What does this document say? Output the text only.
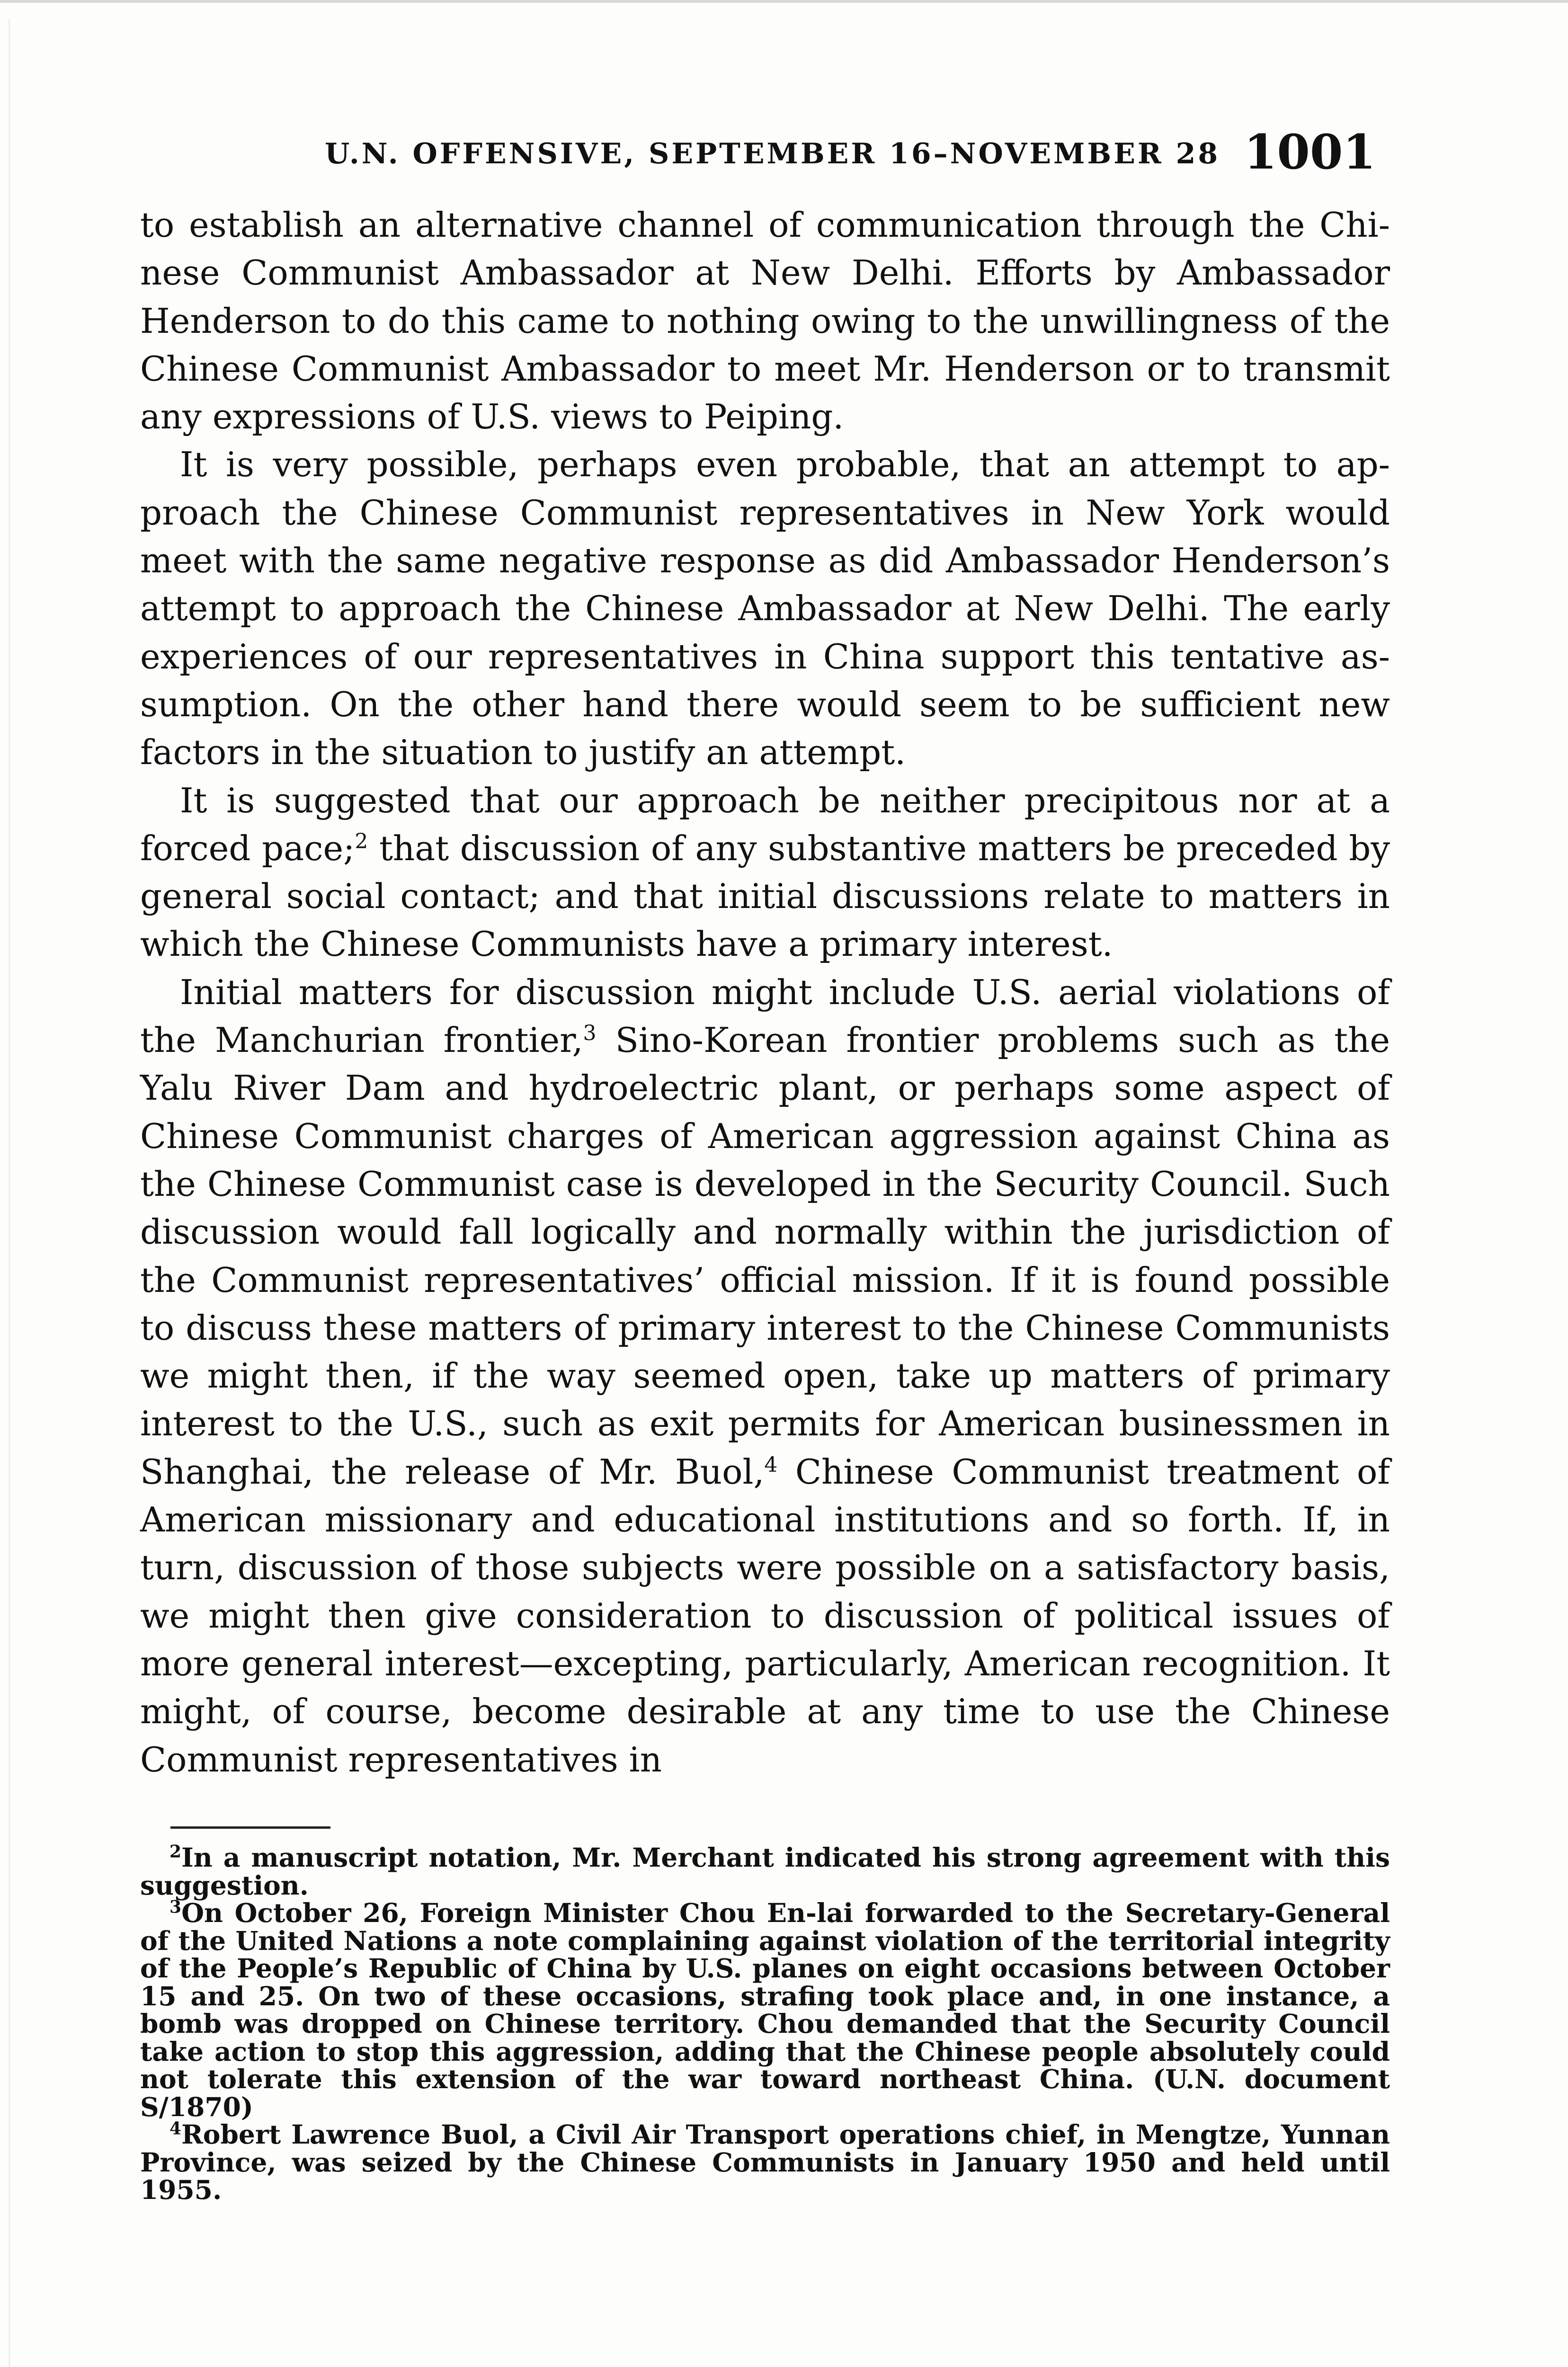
U.N. OFFENSIVE, SEPTEMBER 16–NOVEMBER 28 1001

to establish an alternative channel of communication through the Chinese Communist Ambassador at New Delhi. Efforts by Ambassador Henderson to do this came to nothing owing to the unwillingness of the Chinese Communist Ambassador to meet Mr. Henderson or to transmit any expressions of U.S. views to Peiping.

It is very possible, perhaps even probable, that an attempt to approach the Chinese Communist representatives in New York would meet with the same negative response as did Ambassador Henderson’s attempt to approach the Chinese Ambassador at New Delhi. The early experiences of our representatives in China support this tentative assumption. On the other hand there would seem to be sufficient new factors in the situation to justify an attempt.

It is suggested that our approach be neither precipitous nor at a forced pace;$^2$ that discussion of any substantive matters be preceded by general social contact; and that initial discussions relate to matters in which the Chinese Communists have a primary interest.

Initial matters for discussion might include U.S. aerial violations of the Manchurian frontier,$^3$ Sino-Korean frontier problems such as the Yalu River Dam and hydroelectric plant, or perhaps some aspect of Chinese Communist charges of American aggression against China as the Chinese Communist case is developed in the Security Council. Such discussion would fall logically and normally within the jurisdiction of the Communist representatives’ official mission. If it is found possible to discuss these matters of primary interest to the Chinese Communists we might then, if the way seemed open, take up matters of primary interest to the U.S., such as exit permits for American businessmen in Shanghai, the release of Mr. Buol,$^4$ Chinese Communist treatment of American missionary and educational institutions and so forth. If, in turn, discussion of those subjects were possible on a satisfactory basis, we might then give consideration to discussion of political issues of more general interest—excepting, particularly, American recognition. It might, of course, become desirable at any time to use the Chinese Communist representatives in

$^2$In a manuscript notation, Mr. Merchant indicated his strong agreement with this suggestion.

$^3$On October 26, Foreign Minister Chou En-lai forwarded to the Secretary-General of the United Nations a note complaining against violation of the territorial integrity of the People’s Republic of China by U.S. planes on eight occasions between October 15 and 25. On two of these occasions, strafing took place and, in one instance, a bomb was dropped on Chinese territory. Chou demanded that the Security Council take action to stop this aggression, adding that the Chinese people absolutely could not tolerate this extension of the war toward northeast China. (U.N. document S/1870)

$^4$Robert Lawrence Buol, a Civil Air Transport operations chief, in Mengtze, Yunnan Province, was seized by the Chinese Communists in January 1950 and held until 1955.
